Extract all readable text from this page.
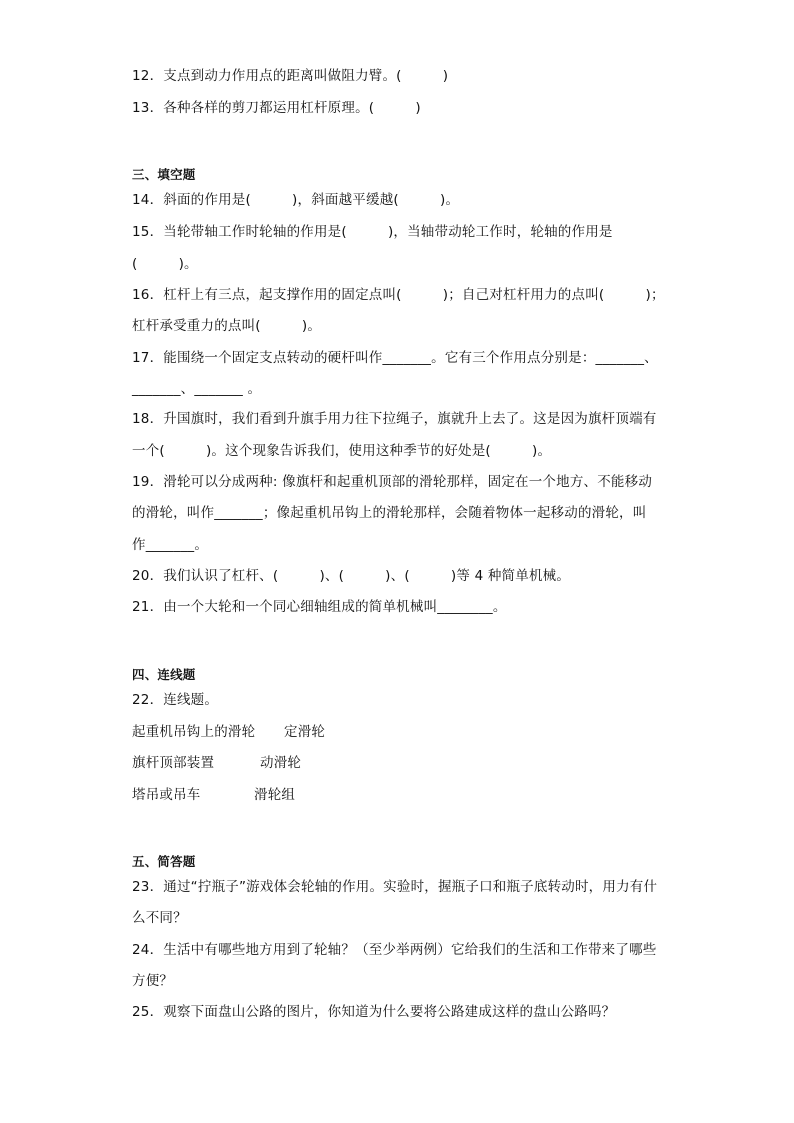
12．支点到动力作用点的距离叫做阻力臂。(　　　)
13．各种各样的剪刀都运用杠杆原理。(　　　)
三、填空题
14．斜面的作用是(　　　)，斜面越平缓越(　　　)。
15．当轮带轴工作时轮轴的作用是(　　　)，当轴带动轮工作时，轮轴的作用是
(　　　)。
16．杠杆上有三点，起支撑作用的固定点叫(　　　)；自己对杠杆用力的点叫(　　　)；
杠杆承受重力的点叫(　　　)。
17．能围绕一个固定支点转动的硬杆叫作_______。它有三个作用点分别是：_______、
_______、_______ 。
18．升国旗时，我们看到升旗手用力往下拉绳子，旗就升上去了。这是因为旗杆顶端有
一个(　　　)。这个现象告诉我们，使用这种季节的好处是(　　　)。
19．滑轮可以分成两种: 像旗杆和起重机顶部的滑轮那样，固定在一个地方、不能移动
的滑轮，叫作_______；像起重机吊钩上的滑轮那样，会随着物体一起移动的滑轮，叫
作_______。
20．我们认识了杠杆、(　　　)、(　　　)、(　　　)等 4 种简单机械。
21．由一个大轮和一个同心细轴组成的简单机械叫________。
四、连线题
22．连线题。
起重机吊钩上的滑轮 定滑轮
旗杆顶部装置	动滑轮
塔吊或吊车	滑轮组
五、简答题
23．通过“拧瓶子”游戏体会轮轴的作用。实验时，握瓶子口和瓶子底转动时，用力有什
么不同？
24．生活中有哪些地方用到了轮轴？（至少举两例）它给我们的生活和工作带来了哪些
方便？
25．观察下面盘山公路的图片，你知道为什么要将公路建成这样的盘山公路吗？
